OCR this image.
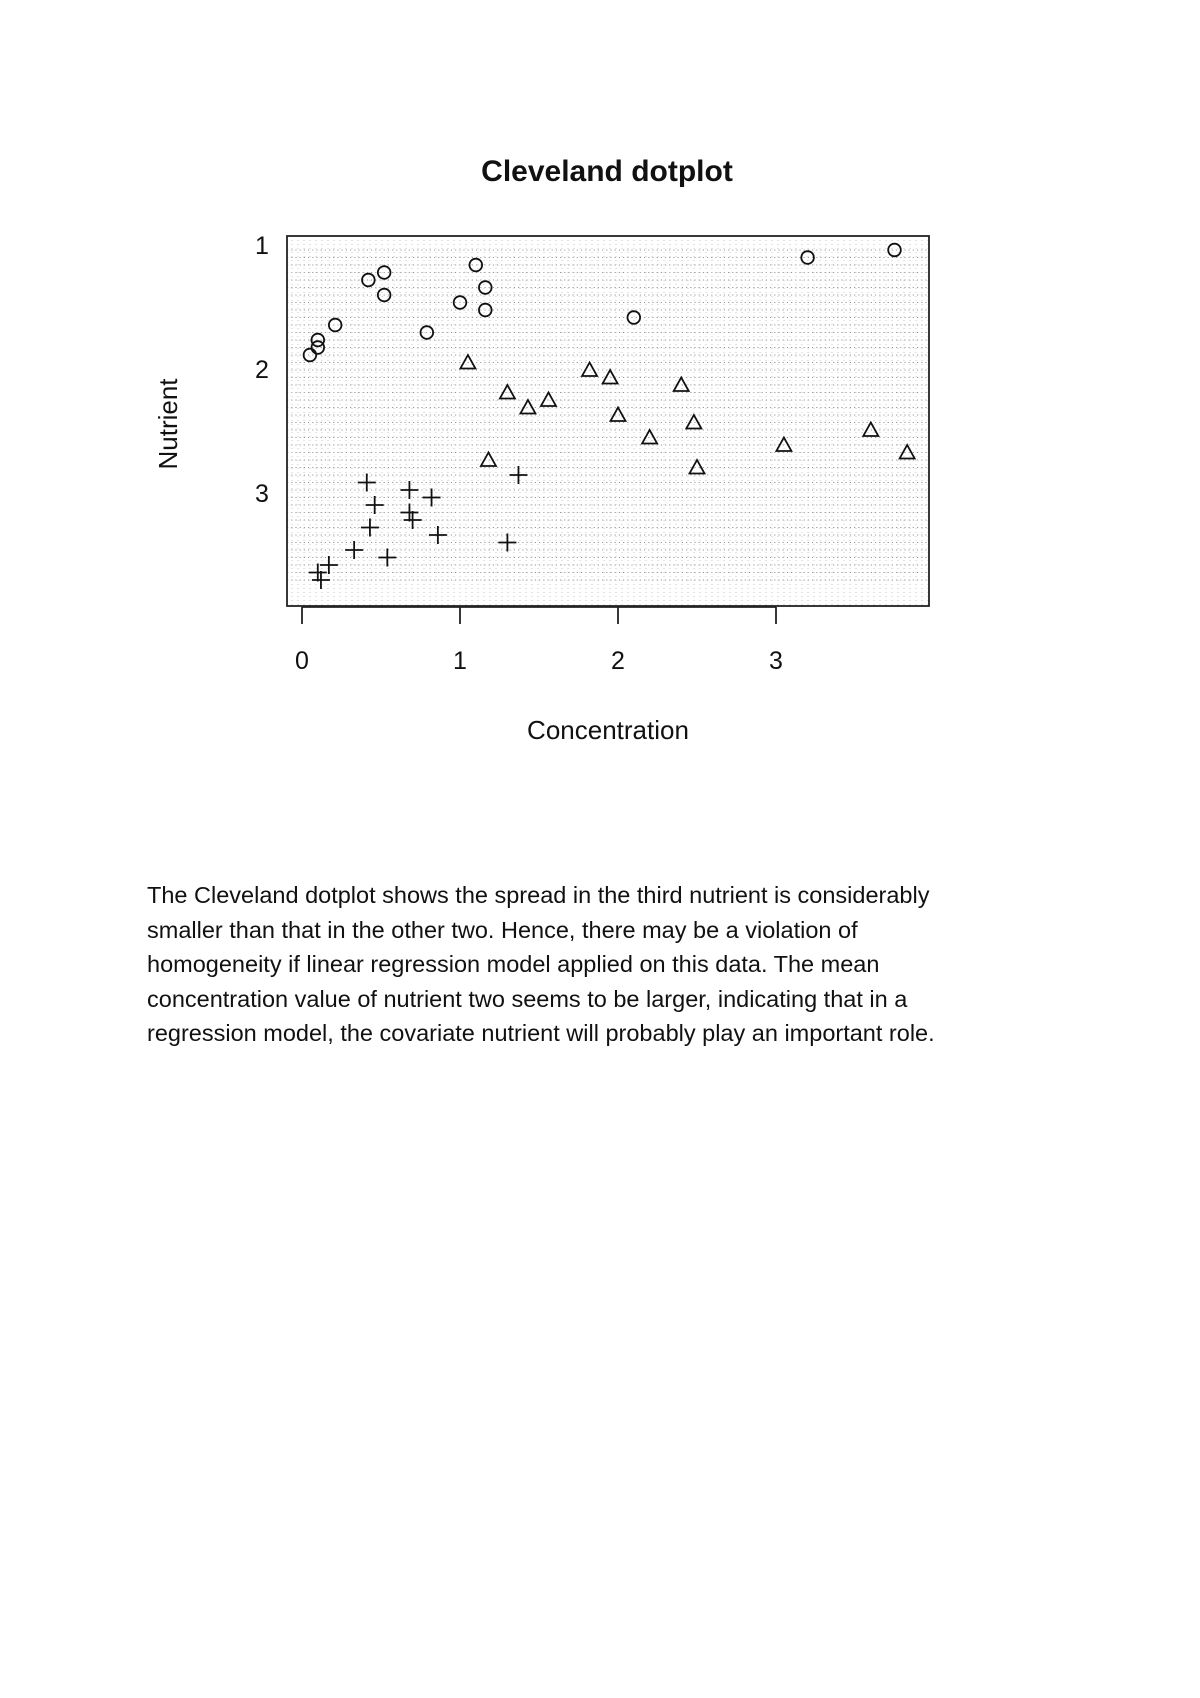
Cleveland dotplot
0	1	2	3
Concentration
1
2
3
Nutrient

The Cleveland dotplot shows the spread in the third nutrient is considerably
smaller than that in the other two. Hence, there may be a violation of
homogeneity if linear regression model applied on this data. The mean
concentration value of nutrient two seems to be larger, indicating that in a
regression model, the covariate nutrient will probably play an important role.
